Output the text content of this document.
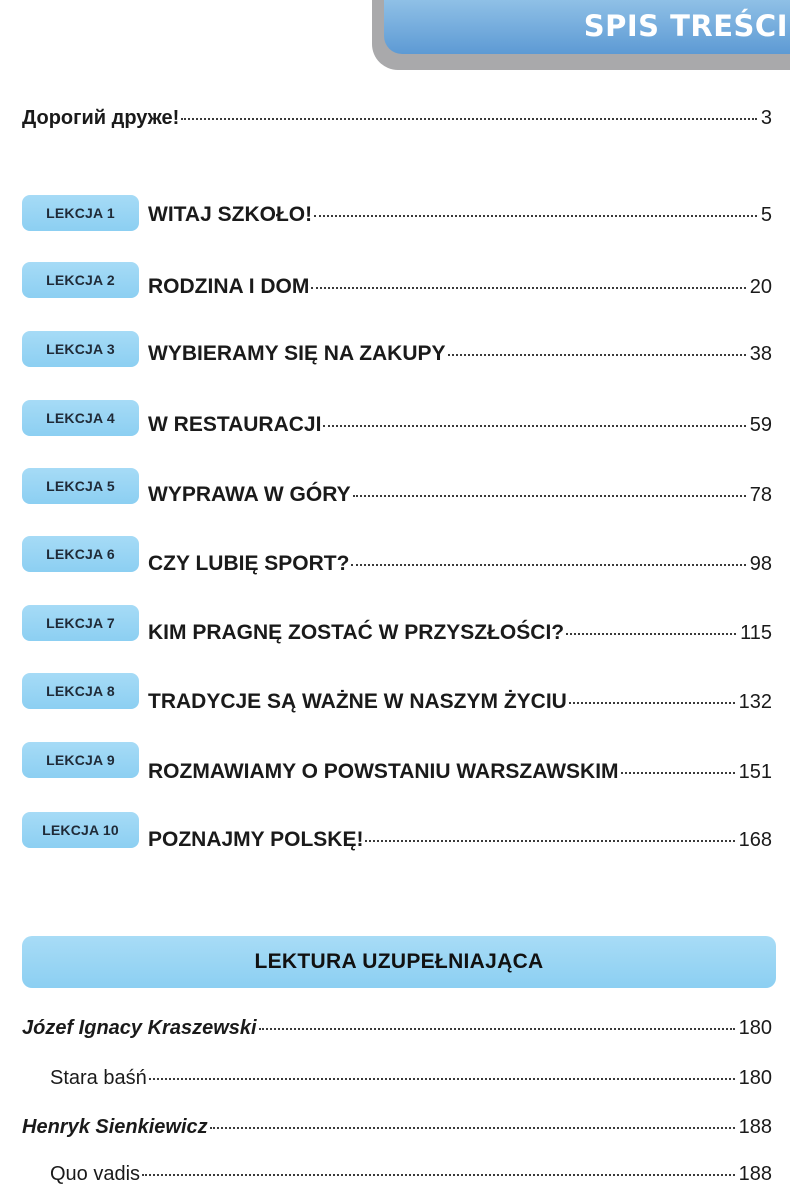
SPIS TREŚCI
Дорогий друже!	3
LEKCJA 1	WITAJ SZKOŁO!	5
LEKCJA 2	RODZINA I DOM	20
LEKCJA 3	WYBIERAMY SIĘ NA ZAKUPY	38
LEKCJA 4	W RESTAURACJI	59
LEKCJA 5	WYPRAWA W GÓRY	78
LEKCJA 6	CZY LUBIĘ SPORT?	98
LEKCJA 7	KIM PRAGNĘ ZOSTAĆ W PRZYSZŁOŚCI?	115
LEKCJA 8	TRADYCJE SĄ WAŻNE W NASZYM ŻYCIU	132
LEKCJA 9	ROZMAWIAMY O POWSTANIU WARSZAWSKIM	151
LEKCJA 10	POZNAJMY POLSKĘ!	168
LEKTURA UZUPEŁNIAJĄCA
Józef Ignacy Kraszewski	180
Stara baśń	180
Henryk Sienkiewicz	188
Quo vadis	188
